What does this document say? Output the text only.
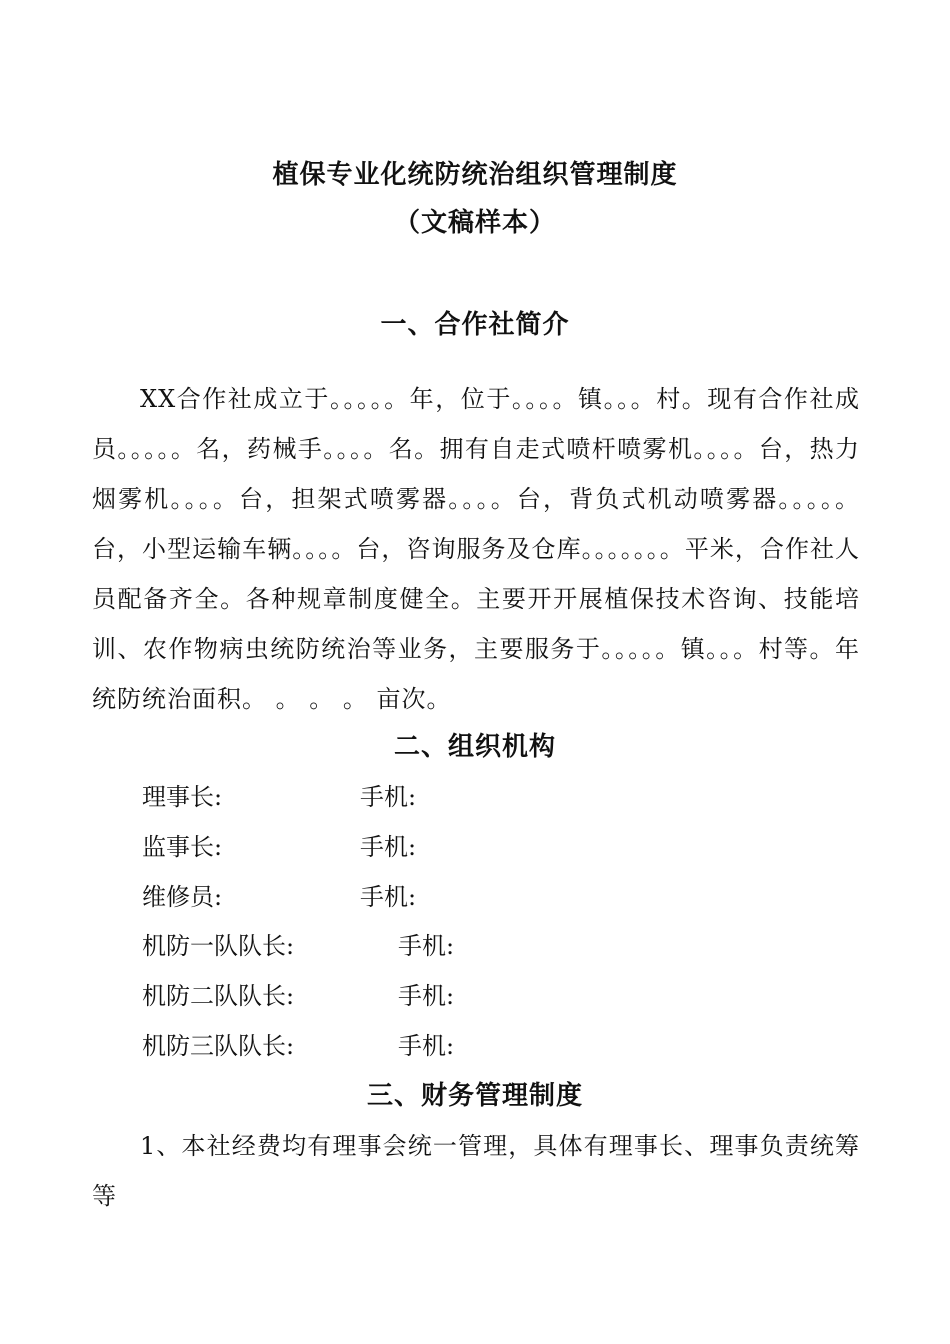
植保专业化统防统治组织管理制度
（文稿样本）
一、合作社简介
XX合作社成立于。。。。。年，位于。。。。镇。。。村。现有合作社成员。。。。。名，药械手。。。。名。拥有自走式喷杆喷雾机。。。。台，热力烟雾机。。。。台，担架式喷雾器。。。。台，背负式机动喷雾器。。。。。台，小型运输车辆。。。。台，咨询服务及仓库。。。。。。。平米，合作社人员配备齐全。各种规章制度健全。主要开开展植保技术咨询、技能培训、农作物病虫统防统治等业务，主要服务于。。。。。镇。。。村等。年统防统治面积。 。 。 。 亩次。
二、组织机构
理事长:	手机:
监事长:	手机:
维修员:	手机:
机防一队队长:	手机:
机防二队队长:	手机:
机防三队队长:	手机:
三、财务管理制度
1、本社经费均有理事会统一管理，具体有理事长、理事负责统筹等
